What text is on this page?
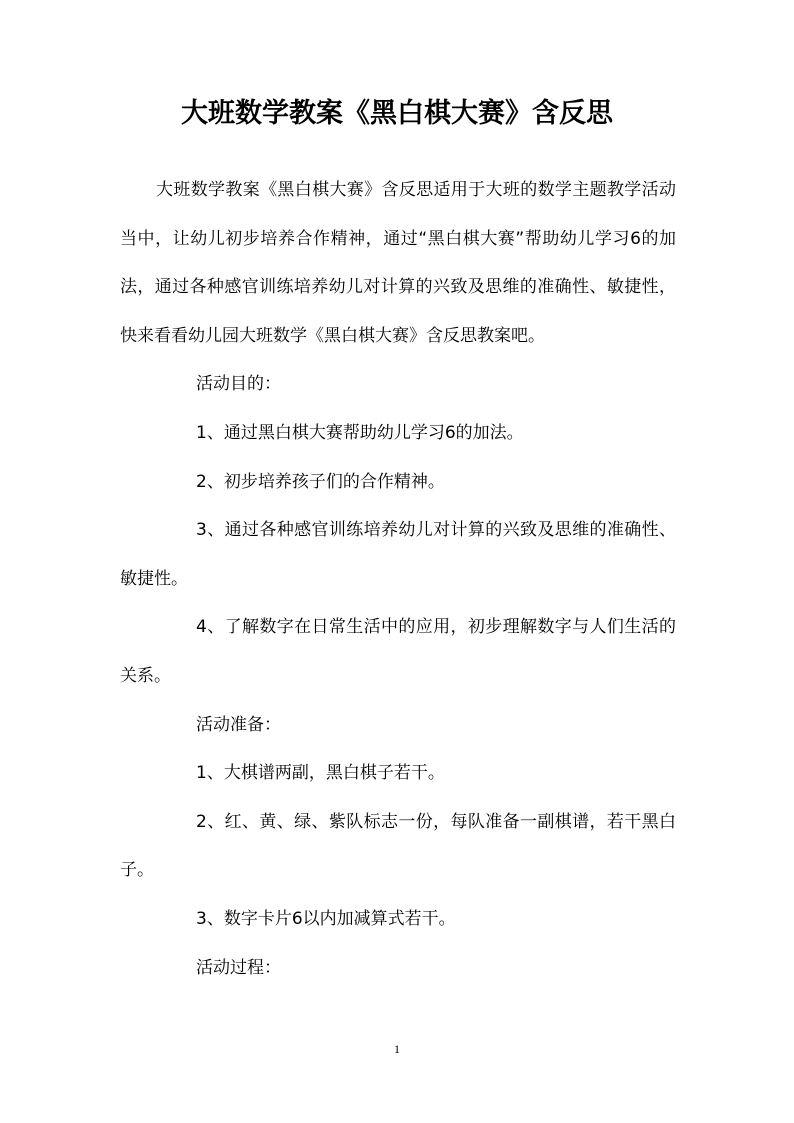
大班数学教案《黑白棋大赛》含反思

大班数学教案《黑白棋大赛》含反思适用于大班的数学主题教学活动当中，让幼儿初步培养合作精神，通过“黑白棋大赛”帮助幼儿学习6的加法，通过各种感官训练培养幼儿对计算的兴致及思维的准确性、敏捷性，快来看看幼儿园大班数学《黑白棋大赛》含反思教案吧。

活动目的：

1、通过黑白棋大赛帮助幼儿学习6的加法。

2、初步培养孩子们的合作精神。

3、通过各种感官训练培养幼儿对计算的兴致及思维的准确性、敏捷性。

4、了解数字在日常生活中的应用，初步理解数字与人们生活的关系。

活动准备：

1、大棋谱两副，黑白棋子若干。

2、红、黄、绿、紫队标志一份，每队准备一副棋谱，若干黑白子。

3、数字卡片6以内加减算式若干。

活动过程：

1
